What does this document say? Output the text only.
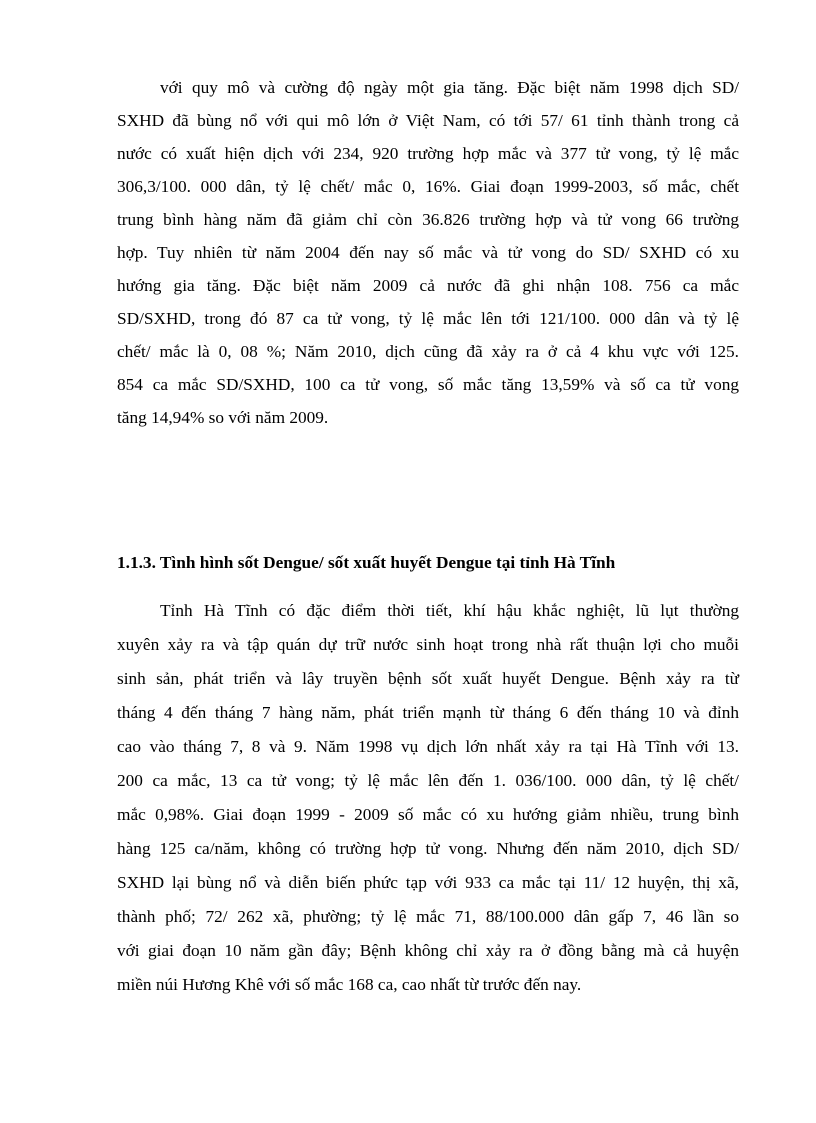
với quy mô và cường độ ngày một gia tăng. Đặc biệt năm 1998 dịch SD/
SXHD đã bùng nổ với qui mô lớn ở Việt Nam, có tới 57/ 61 tỉnh thành trong cả
nước có xuất hiện dịch với 234, 920 trường hợp mắc và 377 tử vong, tỷ lệ mắc
306,3/100. 000 dân, tỷ lệ chết/ mắc 0, 16%. Giai đoạn 1999-2003, số mắc, chết
trung bình hàng năm đã giảm chỉ còn 36.826 trường hợp và tử vong 66 trường
hợp. Tuy nhiên từ năm 2004 đến nay số mắc và tử vong do SD/ SXHD có xu
hướng gia tăng. Đặc biệt năm 2009 cả nước đã ghi nhận 108. 756 ca mắc
SD/SXHD, trong đó 87 ca tử vong, tỷ lệ mắc lên tới 121/100. 000 dân và tỷ lệ
chết/ mắc là 0, 08 %; Năm 2010, dịch cũng đã xảy ra ở cả 4 khu vực với 125.
854 ca mắc SD/SXHD, 100 ca tử vong, số mắc tăng 13,59% và số ca tử vong
tăng 14,94% so với năm 2009.
1.1.3. Tình hình sốt Dengue/ sốt xuất huyết Dengue tại tỉnh Hà Tĩnh
Tỉnh Hà Tĩnh có đặc điểm thời tiết, khí hậu khắc nghiệt, lũ lụt thường
xuyên xảy ra và tập quán dự trữ nước sinh hoạt trong nhà rất thuận lợi cho muỗi
sinh sản, phát triển và lây truyền bệnh sốt xuất huyết Dengue. Bệnh xảy ra từ
tháng 4 đến tháng 7 hàng năm, phát triển mạnh từ tháng 6 đến tháng 10 và đỉnh
cao vào tháng 7, 8 và 9. Năm 1998 vụ dịch lớn nhất xảy ra tại Hà Tĩnh với 13.
200 ca mắc, 13 ca tử vong; tỷ lệ mắc lên đến 1. 036/100. 000 dân, tỷ lệ chết/
mắc 0,98%. Giai đoạn 1999 - 2009 số mắc có xu hướng giảm nhiều, trung bình
hàng 125 ca/năm, không có trường hợp tử vong. Nhưng đến năm 2010, dịch SD/
SXHD lại bùng nổ và diễn biến phức tạp với 933 ca mắc tại 11/ 12 huyện, thị xã,
thành phố; 72/ 262 xã, phường; tỷ lệ mắc 71, 88/100.000 dân gấp 7, 46 lần so
với giai đoạn 10 năm gần đây; Bệnh không chỉ xảy ra ở đồng bằng mà cả huyện
miền núi Hương Khê với số mắc 168 ca, cao nhất từ trước đến nay.
